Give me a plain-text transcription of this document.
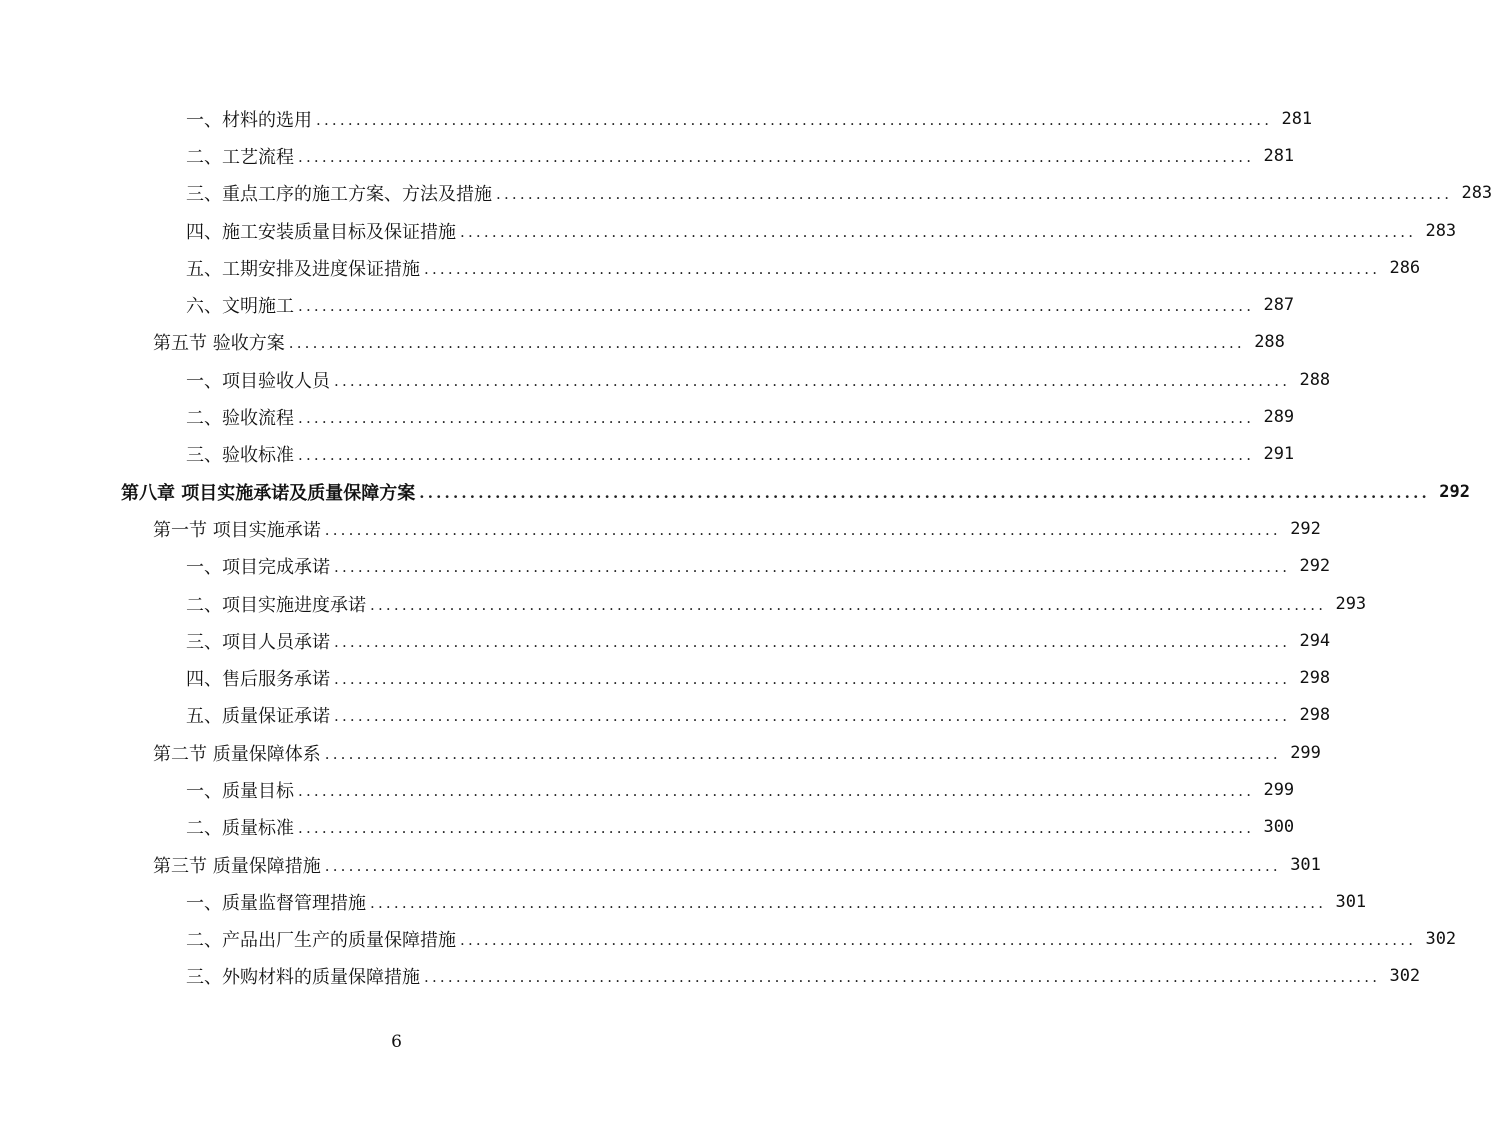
一、材料的选用 ........................................................................................................................ 281
二、工艺流程 ........................................................................................................................ 281
三、重点工序的施工方案、方法及措施 ........................................................................................................................ 283
四、施工安装质量目标及保证措施 ........................................................................................................................ 283
五、工期安排及进度保证措施 ........................................................................................................................ 286
六、文明施工 ........................................................................................................................ 287
第五节 验收方案 ........................................................................................................................ 288
一、项目验收人员 ........................................................................................................................ 288
二、验收流程 ........................................................................................................................ 289
三、验收标准 ........................................................................................................................ 291
第八章 项目实施承诺及质量保障方案 ........................................................................................................................ 292
第一节 项目实施承诺 ........................................................................................................................ 292
一、项目完成承诺 ........................................................................................................................ 292
二、项目实施进度承诺 ........................................................................................................................ 293
三、项目人员承诺 ........................................................................................................................ 294
四、售后服务承诺 ........................................................................................................................ 298
五、质量保证承诺 ........................................................................................................................ 298
第二节 质量保障体系 ........................................................................................................................ 299
一、质量目标 ........................................................................................................................ 299
二、质量标准 ........................................................................................................................ 300
第三节 质量保障措施 ........................................................................................................................ 301
一、质量监督管理措施 ........................................................................................................................ 301
二、产品出厂生产的质量保障措施 ........................................................................................................................ 302
三、外购材料的质量保障措施 ........................................................................................................................ 302
6
